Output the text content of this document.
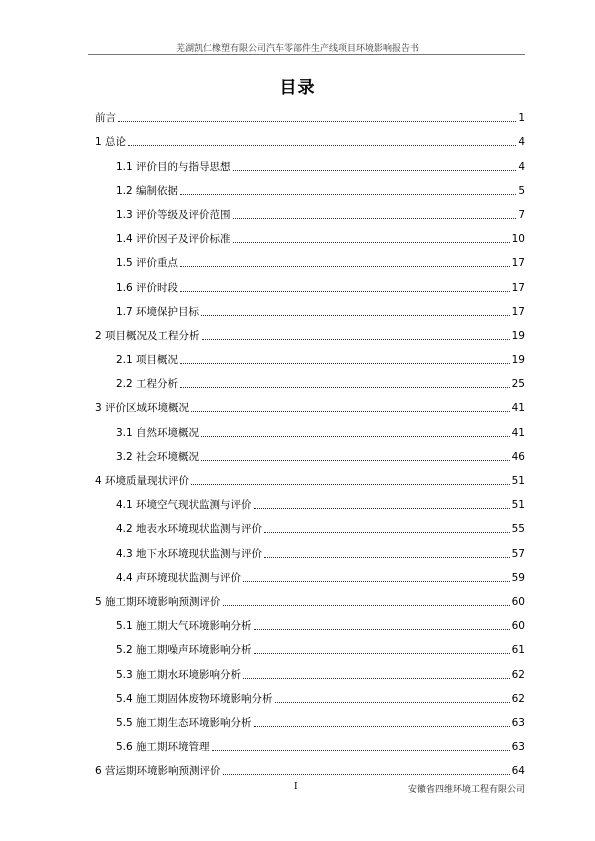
芜湖凯仁橡塑有限公司汽车零部件生产线项目环境影响报告书
目录
前言	1
1 总论	4
1.1 评价目的与指导思想	4
1.2 编制依据	5
1.3 评价等级及评价范围	7
1.4 评价因子及评价标准	10
1.5 评价重点	17
1.6 评价时段	17
1.7 环境保护目标	17
2 项目概况及工程分析	19
2.1 项目概况	19
2.2 工程分析	25
3 评价区域环境概况	41
3.1 自然环境概况	41
3.2 社会环境概况	46
4 环境质量现状评价	51
4.1 环境空气现状监测与评价	51
4.2 地表水环境现状监测与评价	55
4.3 地下水环境现状监测与评价	57
4.4 声环境现状监测与评价	59
5 施工期环境影响预测评价	60
5.1 施工期大气环境影响分析	60
5.2 施工期噪声环境影响分析	61
5.3 施工期水环境影响分析	62
5.4 施工期固体废物环境影响分析	62
5.5 施工期生态环境影响分析	63
5.6 施工期环境管理	63
6 营运期环境影响预测评价	64
I	安徽省四维环境工程有限公司
